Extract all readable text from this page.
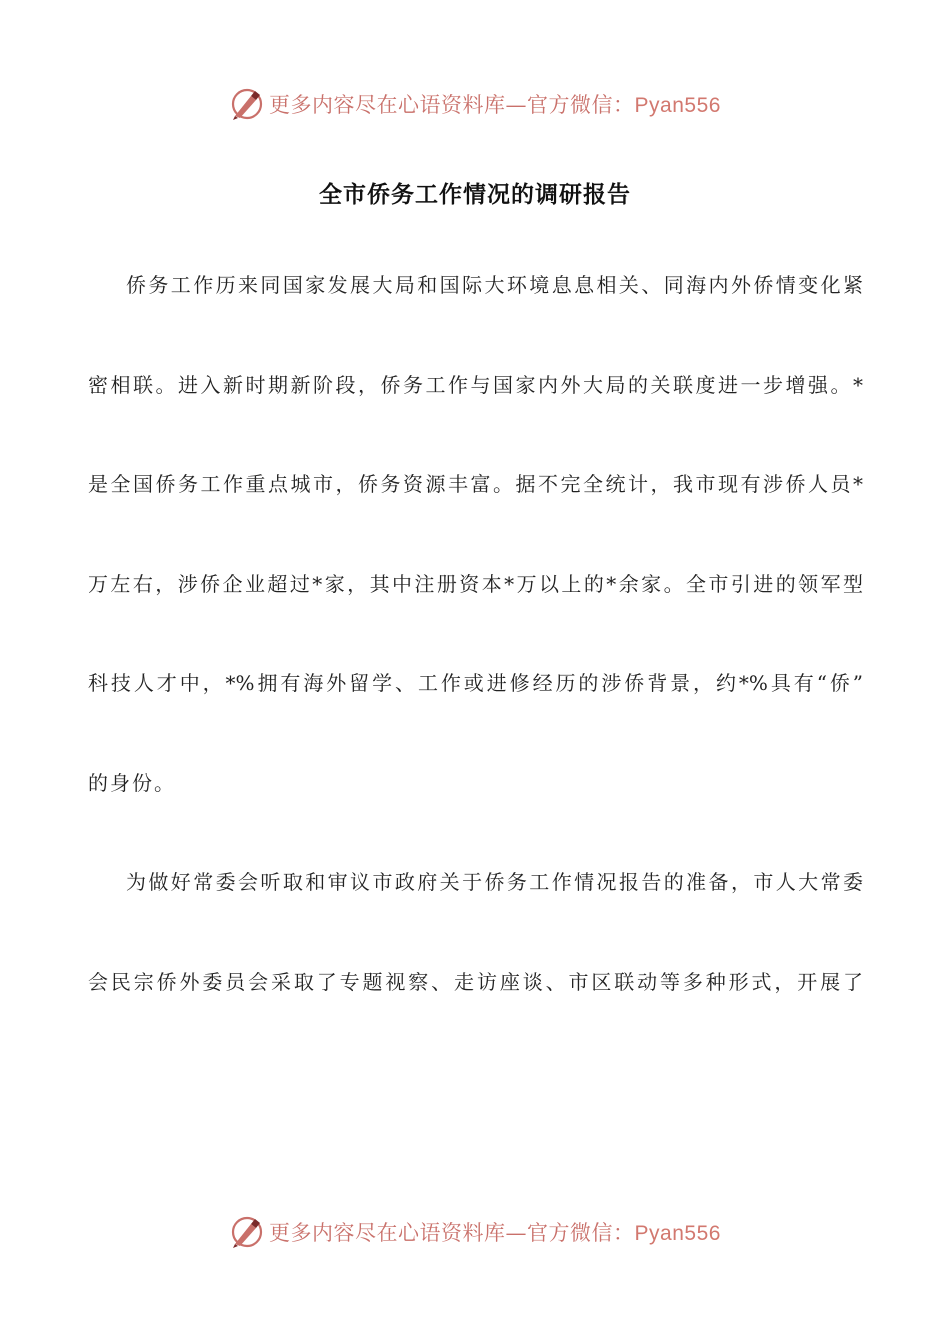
更多内容尽在心语资料库—官方微信：Pyan556
全市侨务工作情况的调研报告
侨务工作历来同国家发展大局和国际大环境息息相关、同海内外侨情变化紧
密相联。进入新时期新阶段，侨务工作与国家内外大局的关联度进一步增强。*
是全国侨务工作重点城市，侨务资源丰富。据不完全统计，我市现有涉侨人员*
万左右，涉侨企业超过*家，其中注册资本*万以上的*余家。全市引进的领军型
科技人才中，*%拥有海外留学、工作或进修经历的涉侨背景，约*%具有“侨”
的身份。
为做好常委会听取和审议市政府关于侨务工作情况报告的准备，市人大常委
会民宗侨外委员会采取了专题视察、走访座谈、市区联动等多种形式，开展了
更多内容尽在心语资料库—官方微信：Pyan556
